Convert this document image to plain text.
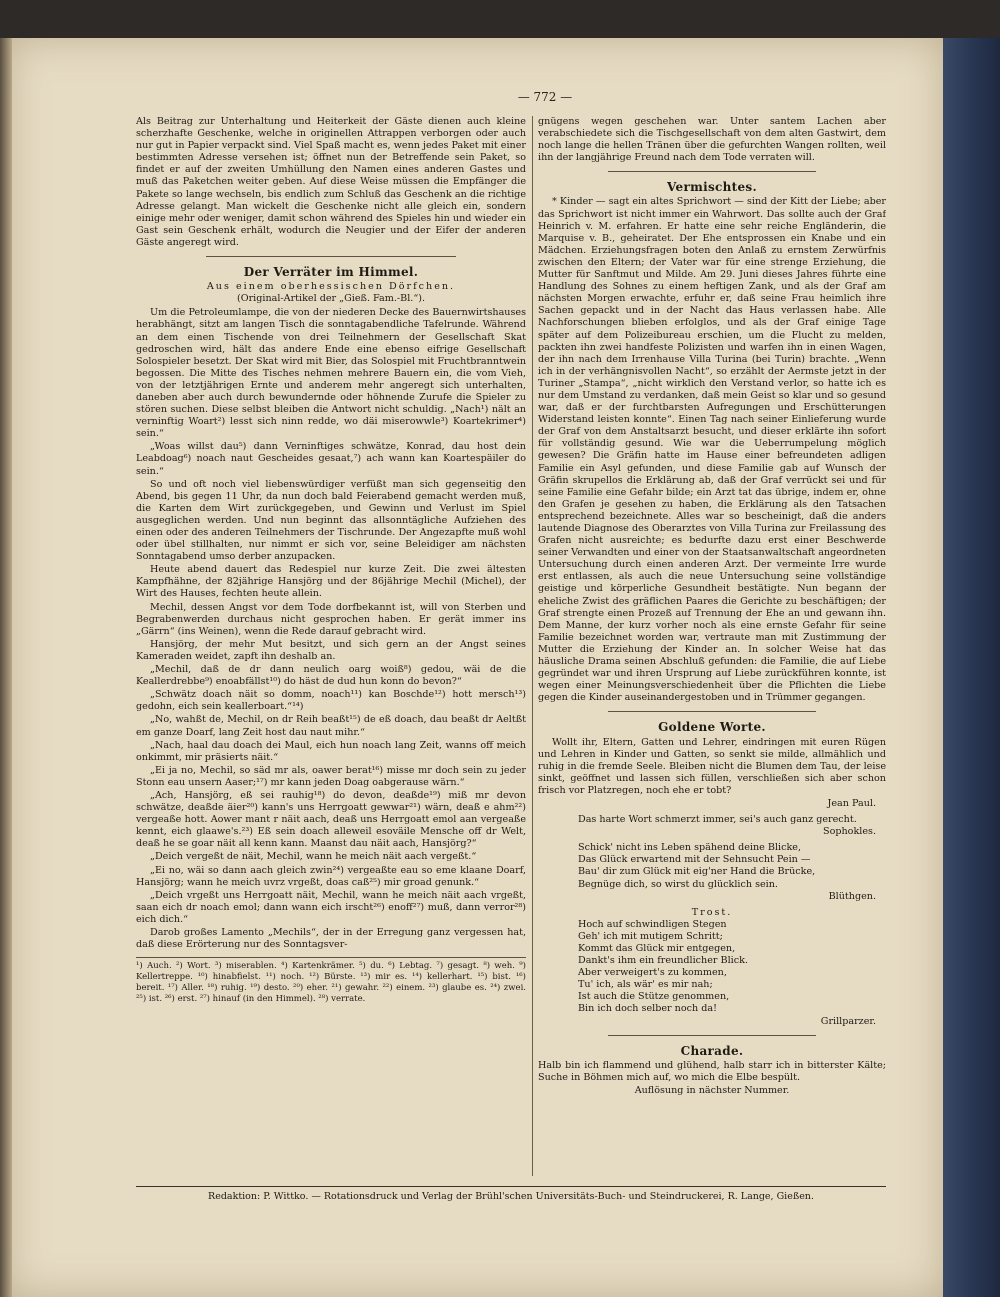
— 772 —

Als Beitrag zur Unterhaltung und Heiterkeit der Gäste dienen auch kleine scherzhafte Geschenke, welche in originellen Attrappen verborgen oder auch nur gut in Papier verpackt sind. Viel Spaß macht es, wenn jedes Paket mit einer bestimmten Adresse versehen ist; öffnet nun der Betreffende sein Paket, so findet er auf der zweiten Umhüllung den Namen eines anderen Gastes und muß das Paketchen weiter geben. Auf diese Weise müssen die Empfänger die Pakete so lange wechseln, bis endlich zum Schluß das Geschenk an die richtige Adresse gelangt. Man wickelt die Geschenke nicht alle gleich ein, sondern einige mehr oder weniger, damit schon während des Spieles hin und wieder ein Gast sein Geschenk erhält, wodurch die Neugier und der Eifer der anderen Gäste angeregt wird.

Der Verräter im Himmel.

Aus einem oberhessischen Dörfchen.

(Original-Artikel der „Gieß. Fam.-Bl.“).

Um die Petroleumlampe, die von der niederen Decke des Bauernwirtshauses herabhängt, sitzt am langen Tisch die sonntagabendliche Tafelrunde. Während an dem einen Tischende von drei Teilnehmern der Gesellschaft Skat gedroschen wird, hält das andere Ende eine ebenso eifrige Gesellschaft Solospieler besetzt. Der Skat wird mit Bier, das Solospiel mit Fruchtbranntwein begossen. Die Mitte des Tisches nehmen mehrere Bauern ein, die vom Vieh, von der letztjährigen Ernte und anderem mehr angeregt sich unterhalten, daneben aber auch durch bewundernde oder höhnende Zurufe die Spieler zu stören suchen. Diese selbst bleiben die Antwort nicht schuldig. „Nach¹) nält an verninftig Woart²) lesst sich ninn redde, wo däi miserowwle³) Koartekrimer⁴) sein.“

„Woas willst dau⁵) dann Verninftiges schwätze, Konrad, dau host dein Leabdoag⁶) noach naut Gescheides gesaat,⁷) ach wann kan Koartespäiler do sein.“

So und oft noch viel liebenswürdiger verfüßt man sich gegenseitig den Abend, bis gegen 11 Uhr, da nun doch bald Feierabend gemacht werden muß, die Karten dem Wirt zurückgegeben, und Gewinn und Verlust im Spiel ausgeglichen werden. Und nun beginnt das allsonntägliche Aufziehen des einen oder des anderen Teilnehmers der Tischrunde. Der Angezapfte muß wohl oder übel stillhalten, nur nimmt er sich vor, seine Beleidiger am nächsten Sonntagabend umso derber anzupacken.

Heute abend dauert das Redespiel nur kurze Zeit. Die zwei ältesten Kampfhähne, der 82jährige Hansjörg und der 86jährige Mechil (Michel), der Wirt des Hauses, fechten heute allein.

Mechil, dessen Angst vor dem Tode dorfbekannt ist, will von Sterben und Begrabenwerden durchaus nicht gesprochen haben. Er gerät immer ins „Gärrn“ (ins Weinen), wenn die Rede darauf gebracht wird.

Hansjörg, der mehr Mut besitzt, und sich gern an der Angst seines Kameraden weidet, zapft ihn deshalb an.

„Mechil, daß de dr dann neulich oarg woiß⁸) gedou, wäi de die Keallerdrebbe⁹) enoabfällst¹⁰) do häst de dud hun konn do bevon?“

„Schwätz doach näit so domm, noach¹¹) kan Boschde¹²) hott mersch¹³) gedohn, eich sein keallerboart.“¹⁴)

„No, wahßt de, Mechil, on dr Reih beaßt¹⁵) de eß doach, dau beaßt dr Aeltßt em ganze Doarf, lang Zeit host dau naut mihr.“

„Nach, haal dau doach dei Maul, eich hun noach lang Zeit, wanns off meich onkimmt, mir präsierts näit.“

„Ei ja no, Mechil, so säd mr als, oawer berat¹⁶) misse mr doch sein zu jeder Stonn eau unsern Aaser;¹⁷) mr kann jeden Doag oabgerause wärn.“

„Ach, Hansjörg, eß sei rauhig¹⁸) do devon, deaßde¹⁹) miß mr devon schwätze, deaßde äier²⁰) kann's uns Herrgoatt gewwar²¹) wärn, deaß e ahm²²) vergeaße hott. Aower mant r näit aach, deaß uns Herrgoatt emol aan vergeaße kennt, eich glaawe's.²³) Eß sein doach alleweil esoväile Mensche off dr Welt, deaß he se goar näit all kenn kann. Maanst dau näit aach, Hansjörg?“

„Deich vergeßt de näit, Mechil, wann he meich näit aach vergeßt.“

„Ei no, wäi so dann aach gleich zwin²⁴) vergeaßte eau so eme klaane Doarf, Hansjörg; wann he meich uvrz vrgeßt, doas caß²⁵) mir groad genunk.“

„Deich vrgeßt uns Herrgoatt näit, Mechil, wann he meich näit aach vrgeßt, saan eich dr noach emol; dann wann eich irscht²⁶) enoff²⁷) muß, dann verror²⁸) eich dich.“

Darob großes Lamento „Mechils“, der in der Erregung ganz vergessen hat, daß diese Erörterung nur des Sonntagsver-

¹) Auch. ²) Wort. ³) miserablen. ⁴) Kartenkrämer. ⁵) du. ⁶) Lebtag. ⁷) gesagt. ⁸) weh. ⁹) Kellertreppe. ¹⁰) hinabfielst. ¹¹) noch. ¹²) Bürste. ¹³) mir es. ¹⁴) kellerhart. ¹⁵) bist. ¹⁶) bereit. ¹⁷) Aller. ¹⁸) ruhig. ¹⁹) desto. ²⁰) eher. ²¹) gewahr. ²²) einem. ²³) glaube es. ²⁴) zwei. ²⁵) ist. ²⁶) erst. ²⁷) hinauf (in den Himmel). ²⁸) verrate.

gnügens wegen geschehen war. Unter santem Lachen aber verabschiedete sich die Tischgesellschaft von dem alten Gastwirt, dem noch lange die hellen Tränen über die gefurchten Wangen rollten, weil ihn der langjährige Freund nach dem Tode verraten will.

Vermischtes.

* Kinder — sagt ein altes Sprichwort — sind der Kitt der Liebe; aber das Sprichwort ist nicht immer ein Wahrwort. Das sollte auch der Graf Heinrich v. M. erfahren. Er hatte eine sehr reiche Engländerin, die Marquise v. B., geheiratet. Der Ehe entsprossen ein Knabe und ein Mädchen. Erziehungsfragen boten den Anlaß zu ernstem Zerwürfnis zwischen den Eltern; der Vater war für eine strenge Erziehung, die Mutter für Sanftmut und Milde. Am 29. Juni dieses Jahres führte eine Handlung des Sohnes zu einem heftigen Zank, und als der Graf am nächsten Morgen erwachte, erfuhr er, daß seine Frau heimlich ihre Sachen gepackt und in der Nacht das Haus verlassen habe. Alle Nachforschungen blieben erfolglos, und als der Graf einige Tage später auf dem Polizeibureau erschien, um die Flucht zu melden, packten ihn zwei handfeste Polizisten und warfen ihn in einen Wagen, der ihn nach dem Irrenhause Villa Turina (bei Turin) brachte. „Wenn ich in der verhängnisvollen Nacht“, so erzählt der Aermste jetzt in der Turiner „Stampa“, „nicht wirklich den Verstand verlor, so hatte ich es nur dem Umstand zu verdanken, daß mein Geist so klar und so gesund war, daß er der furchtbarsten Aufregungen und Erschütterungen Widerstand leisten konnte“. Einen Tag nach seiner Einlieferung wurde der Graf von dem Anstaltsarzt besucht, und dieser erklärte ihn sofort für vollständig gesund. Wie war die Ueberrumpelung möglich gewesen? Die Gräfin hatte im Hause einer befreundeten adligen Familie ein Asyl gefunden, und diese Familie gab auf Wunsch der Gräfin skrupellos die Erklärung ab, daß der Graf verrückt sei und für seine Familie eine Gefahr bilde; ein Arzt tat das übrige, indem er, ohne den Grafen je gesehen zu haben, die Erklärung als den Tatsachen entsprechend bezeichnete. Alles war so bescheinigt, daß die anders lautende Diagnose des Oberarztes von Villa Turina zur Freilassung des Grafen nicht ausreichte; es bedurfte dazu erst einer Beschwerde seiner Verwandten und einer von der Staatsanwaltschaft angeordneten Untersuchung durch einen anderen Arzt. Der vermeinte Irre wurde erst entlassen, als auch die neue Untersuchung seine vollständige geistige und körperliche Gesundheit bestätigte. Nun begann der eheliche Zwist des gräflichen Paares die Gerichte zu beschäftigen; der Graf strengte einen Prozeß auf Trennung der Ehe an und gewann ihn. Dem Manne, der kurz vorher noch als eine ernste Gefahr für seine Familie bezeichnet worden war, vertraute man mit Zustimmung der Mutter die Erziehung der Kinder an. In solcher Weise hat das häusliche Drama seinen Abschluß gefunden: die Familie, die auf Liebe gegründet war und ihren Ursprung auf Liebe zurückführen konnte, ist wegen einer Meinungsverschiedenheit über die Pflichten die Liebe gegen die Kinder auseinandergestoben und in Trümmer gegangen.

Goldene Worte.

Wollt ihr, Eltern, Gatten und Lehrer, eindringen mit euren Rügen und Lehren in Kinder und Gatten, so senkt sie milde, allmählich und ruhig in die fremde Seele. Bleiben nicht die Blumen dem Tau, der leise sinkt, geöffnet und lassen sich füllen, verschließen sich aber schon frisch vor Platzregen, noch ehe er tobt?

Jean Paul.

Das harte Wort schmerzt immer, sei's auch ganz gerecht.

Sophokles.

Schick' nicht ins Leben spähend deine Blicke,

Das Glück erwartend mit der Sehnsucht Pein —

Bau' dir zum Glück mit eig'ner Hand die Brücke,

Begnüge dich, so wirst du glücklich sein.

Blüthgen.

Trost.

Hoch auf schwindligen Stegen

Geh' ich mit mutigem Schritt;

Kommt das Glück mir entgegen,

Dankt's ihm ein freundlicher Blick.

Aber verweigert's zu kommen,

Tu' ich, als wär' es mir nah;

Ist auch die Stütze genommen,

Bin ich doch selber noch da!

Grillparzer.

Charade.

Halb bin ich flammend und glühend, halb starr ich in bitterster Kälte; Suche in Böhmen mich auf, wo mich die Elbe bespült.

Auflösung in nächster Nummer.

Redaktion: P. Wittko. — Rotationsdruck und Verlag der Brühl'schen Universitäts-Buch- und Steindruckerei, R. Lange, Gießen.
